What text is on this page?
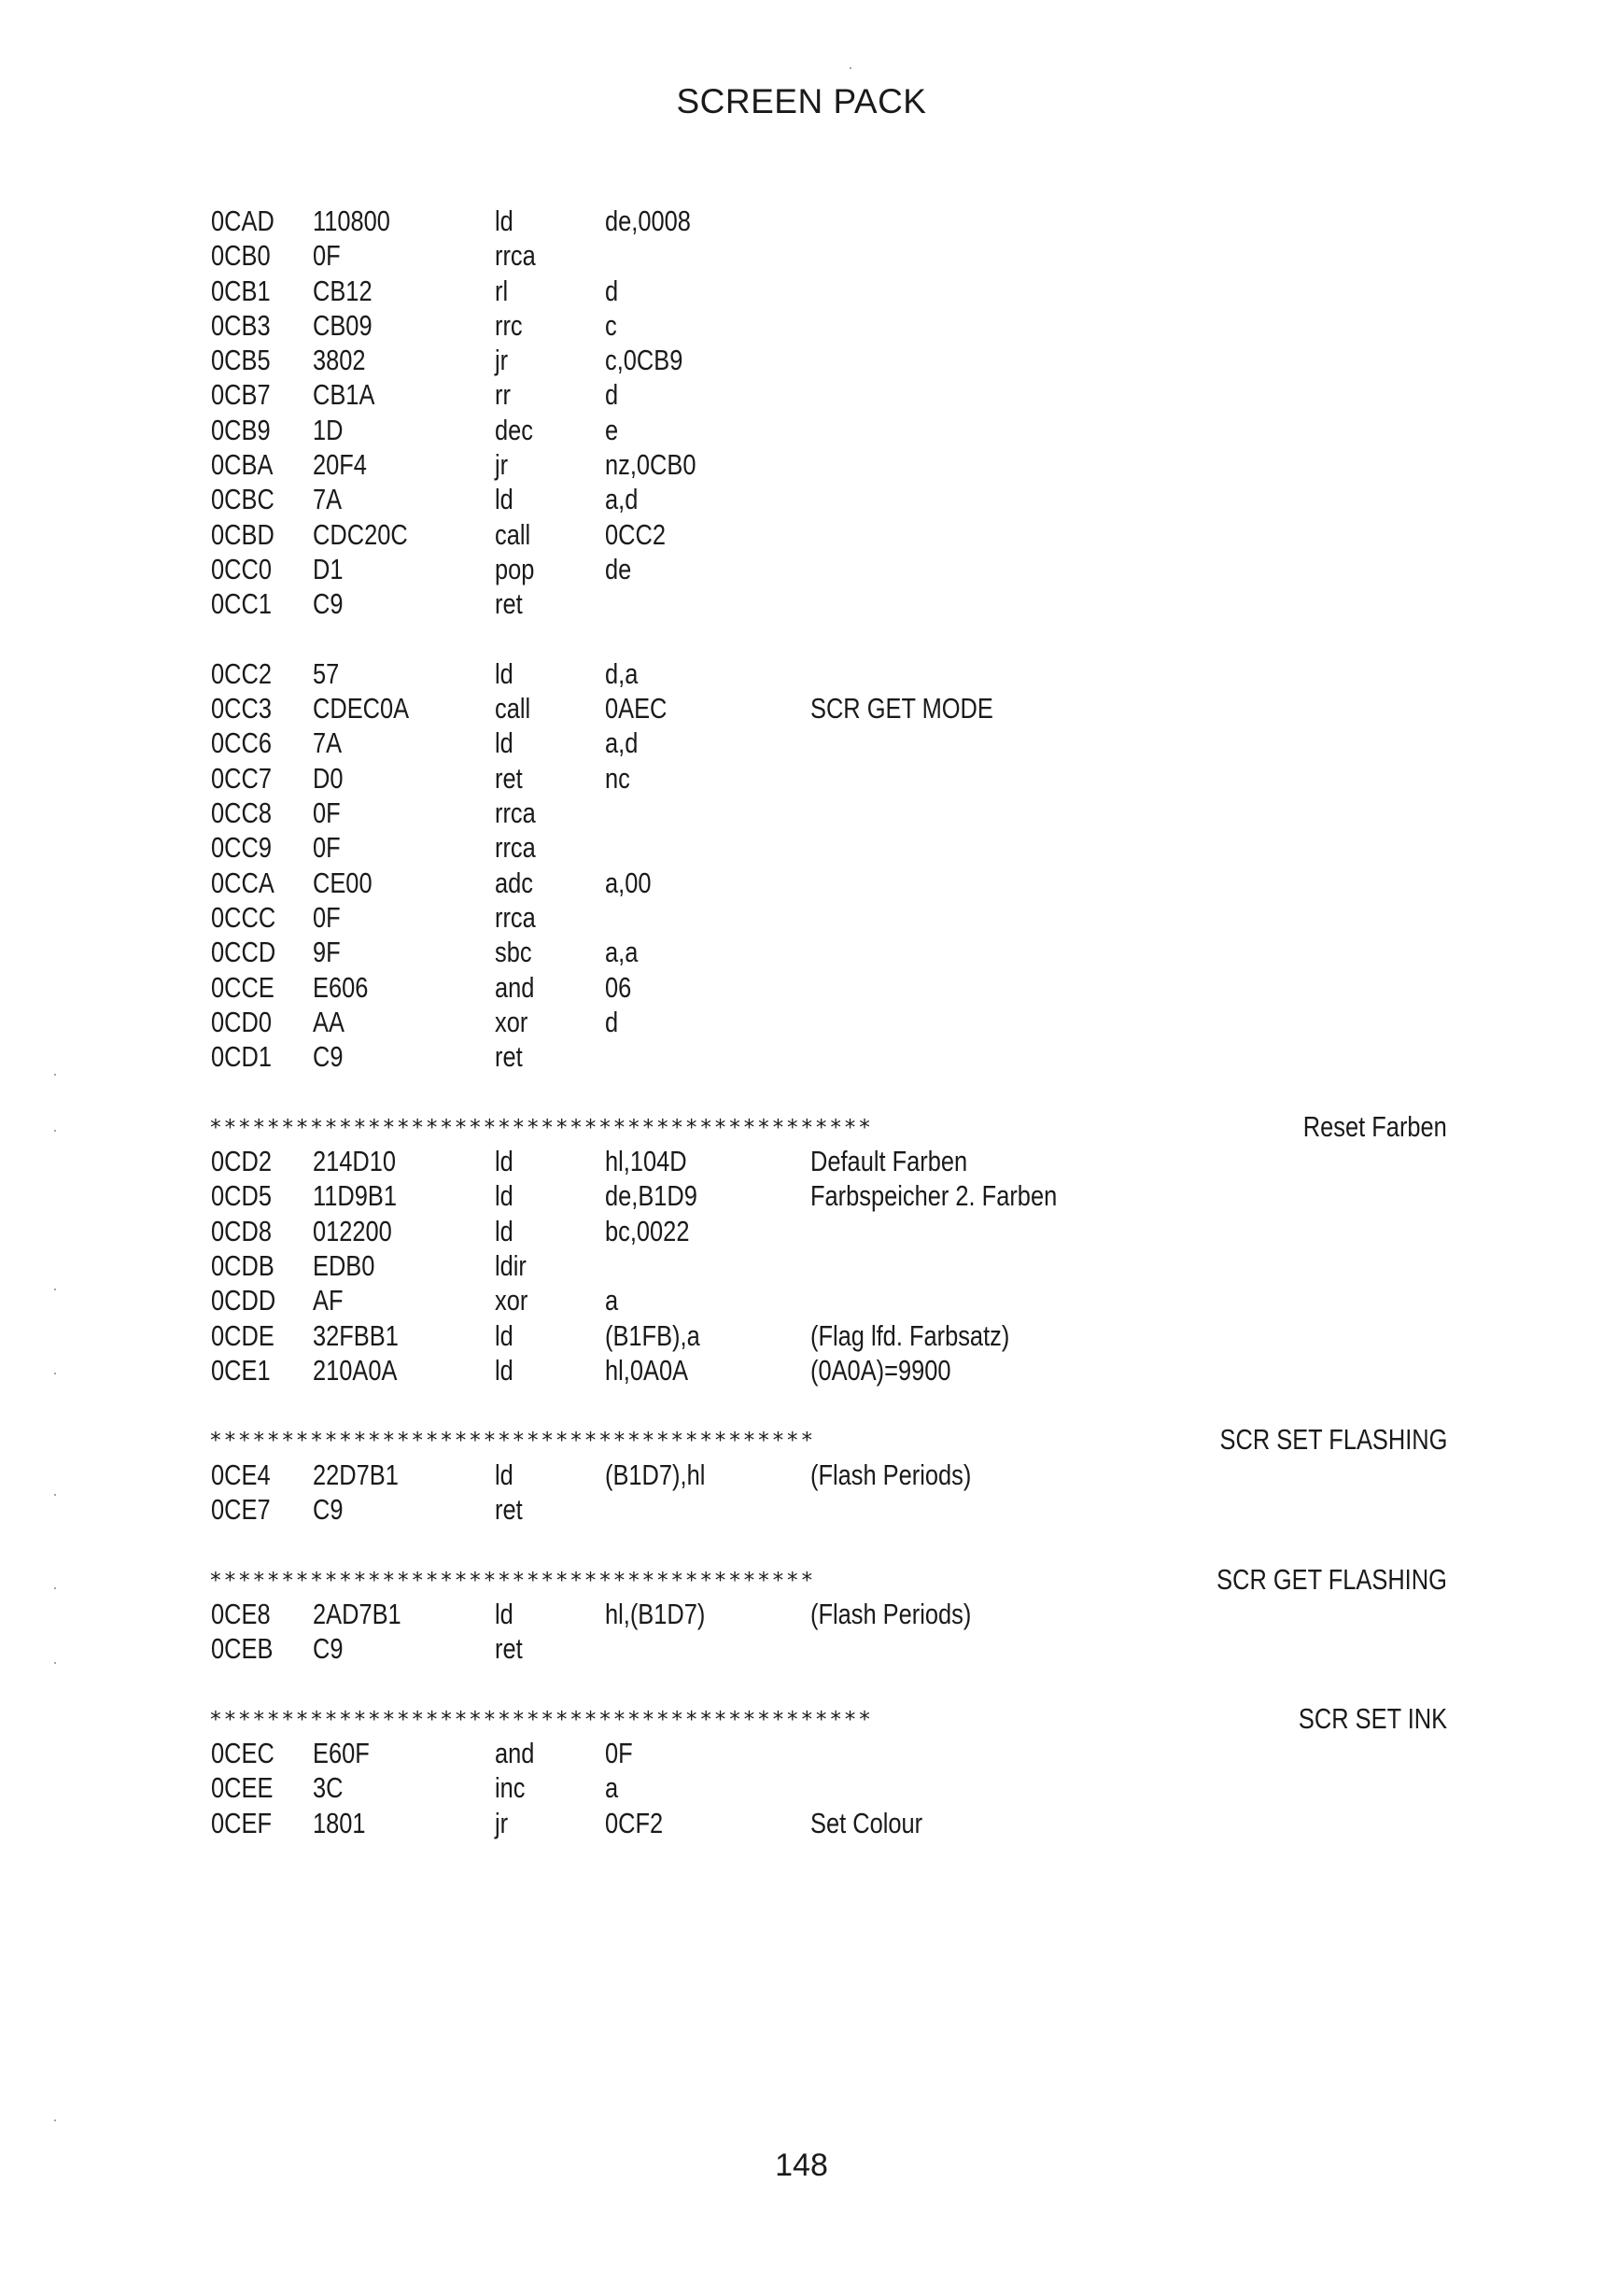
SCREEN PACK
0CAD 110800	ld	de,0008
0CB0 0F	rrca
0CB1 CB12	rl	d
0CB3 CB09	rrc	c
0CB5 3802	jr	c,0CB9
0CB7 CB1A	rr	d
0CB9 1D	dec e
0CBA 20F4	jr	nz,0CB0
0CBC 7A	ld	a,d
0CBD CDC20C	call	0CC2
0CC0 D1	pop de
0CC1 C9	ret
0CC2 57	ld	d,a
0CC3 CDEC0A	call	0AEC	SCR GET MODE
0CC6 7A	ld	a,d
0CC7 D0	ret	nc
0CC8 0F	rrca
0CC9 0F	rrca
0CCA CE00	adc a,00
0CCC 0F	rrca
0CCD 9F	sbc	a,a
0CCE E606	and 06
0CD0 AA	xor	d
0CD1 C9	ret
**********************************************	Reset Farben
0CD2 214D10	ld	hl,104D	Default Farben
0CD5 11D9B1	ld	de,B1D9	Farbspeicher 2. Farben
0CD8 012200	ld	bc,0022
0CDB EDB0	ldir
0CDD AF	xor	a
0CDE 32FBB1	ld	(B1FB),a	(Flag lfd. Farbsatz)
0CE1 210A0A	ld	hl,0A0A	(0A0A)=9900
******************************************	SCR SET FLASHING
0CE4 22D7B1	ld	(B1D7),hl	(Flash Periods)
0CE7 C9	ret
******************************************	SCR GET FLASHING
0CE8 2AD7B1	ld	hl,(B1D7)	(Flash Periods)
0CEB C9	ret
**********************************************	SCR SET INK
0CEC E60F	and 0F
0CEE 3C	inc	a
0CEF 1801	jr	0CF2	Set Colour
148
